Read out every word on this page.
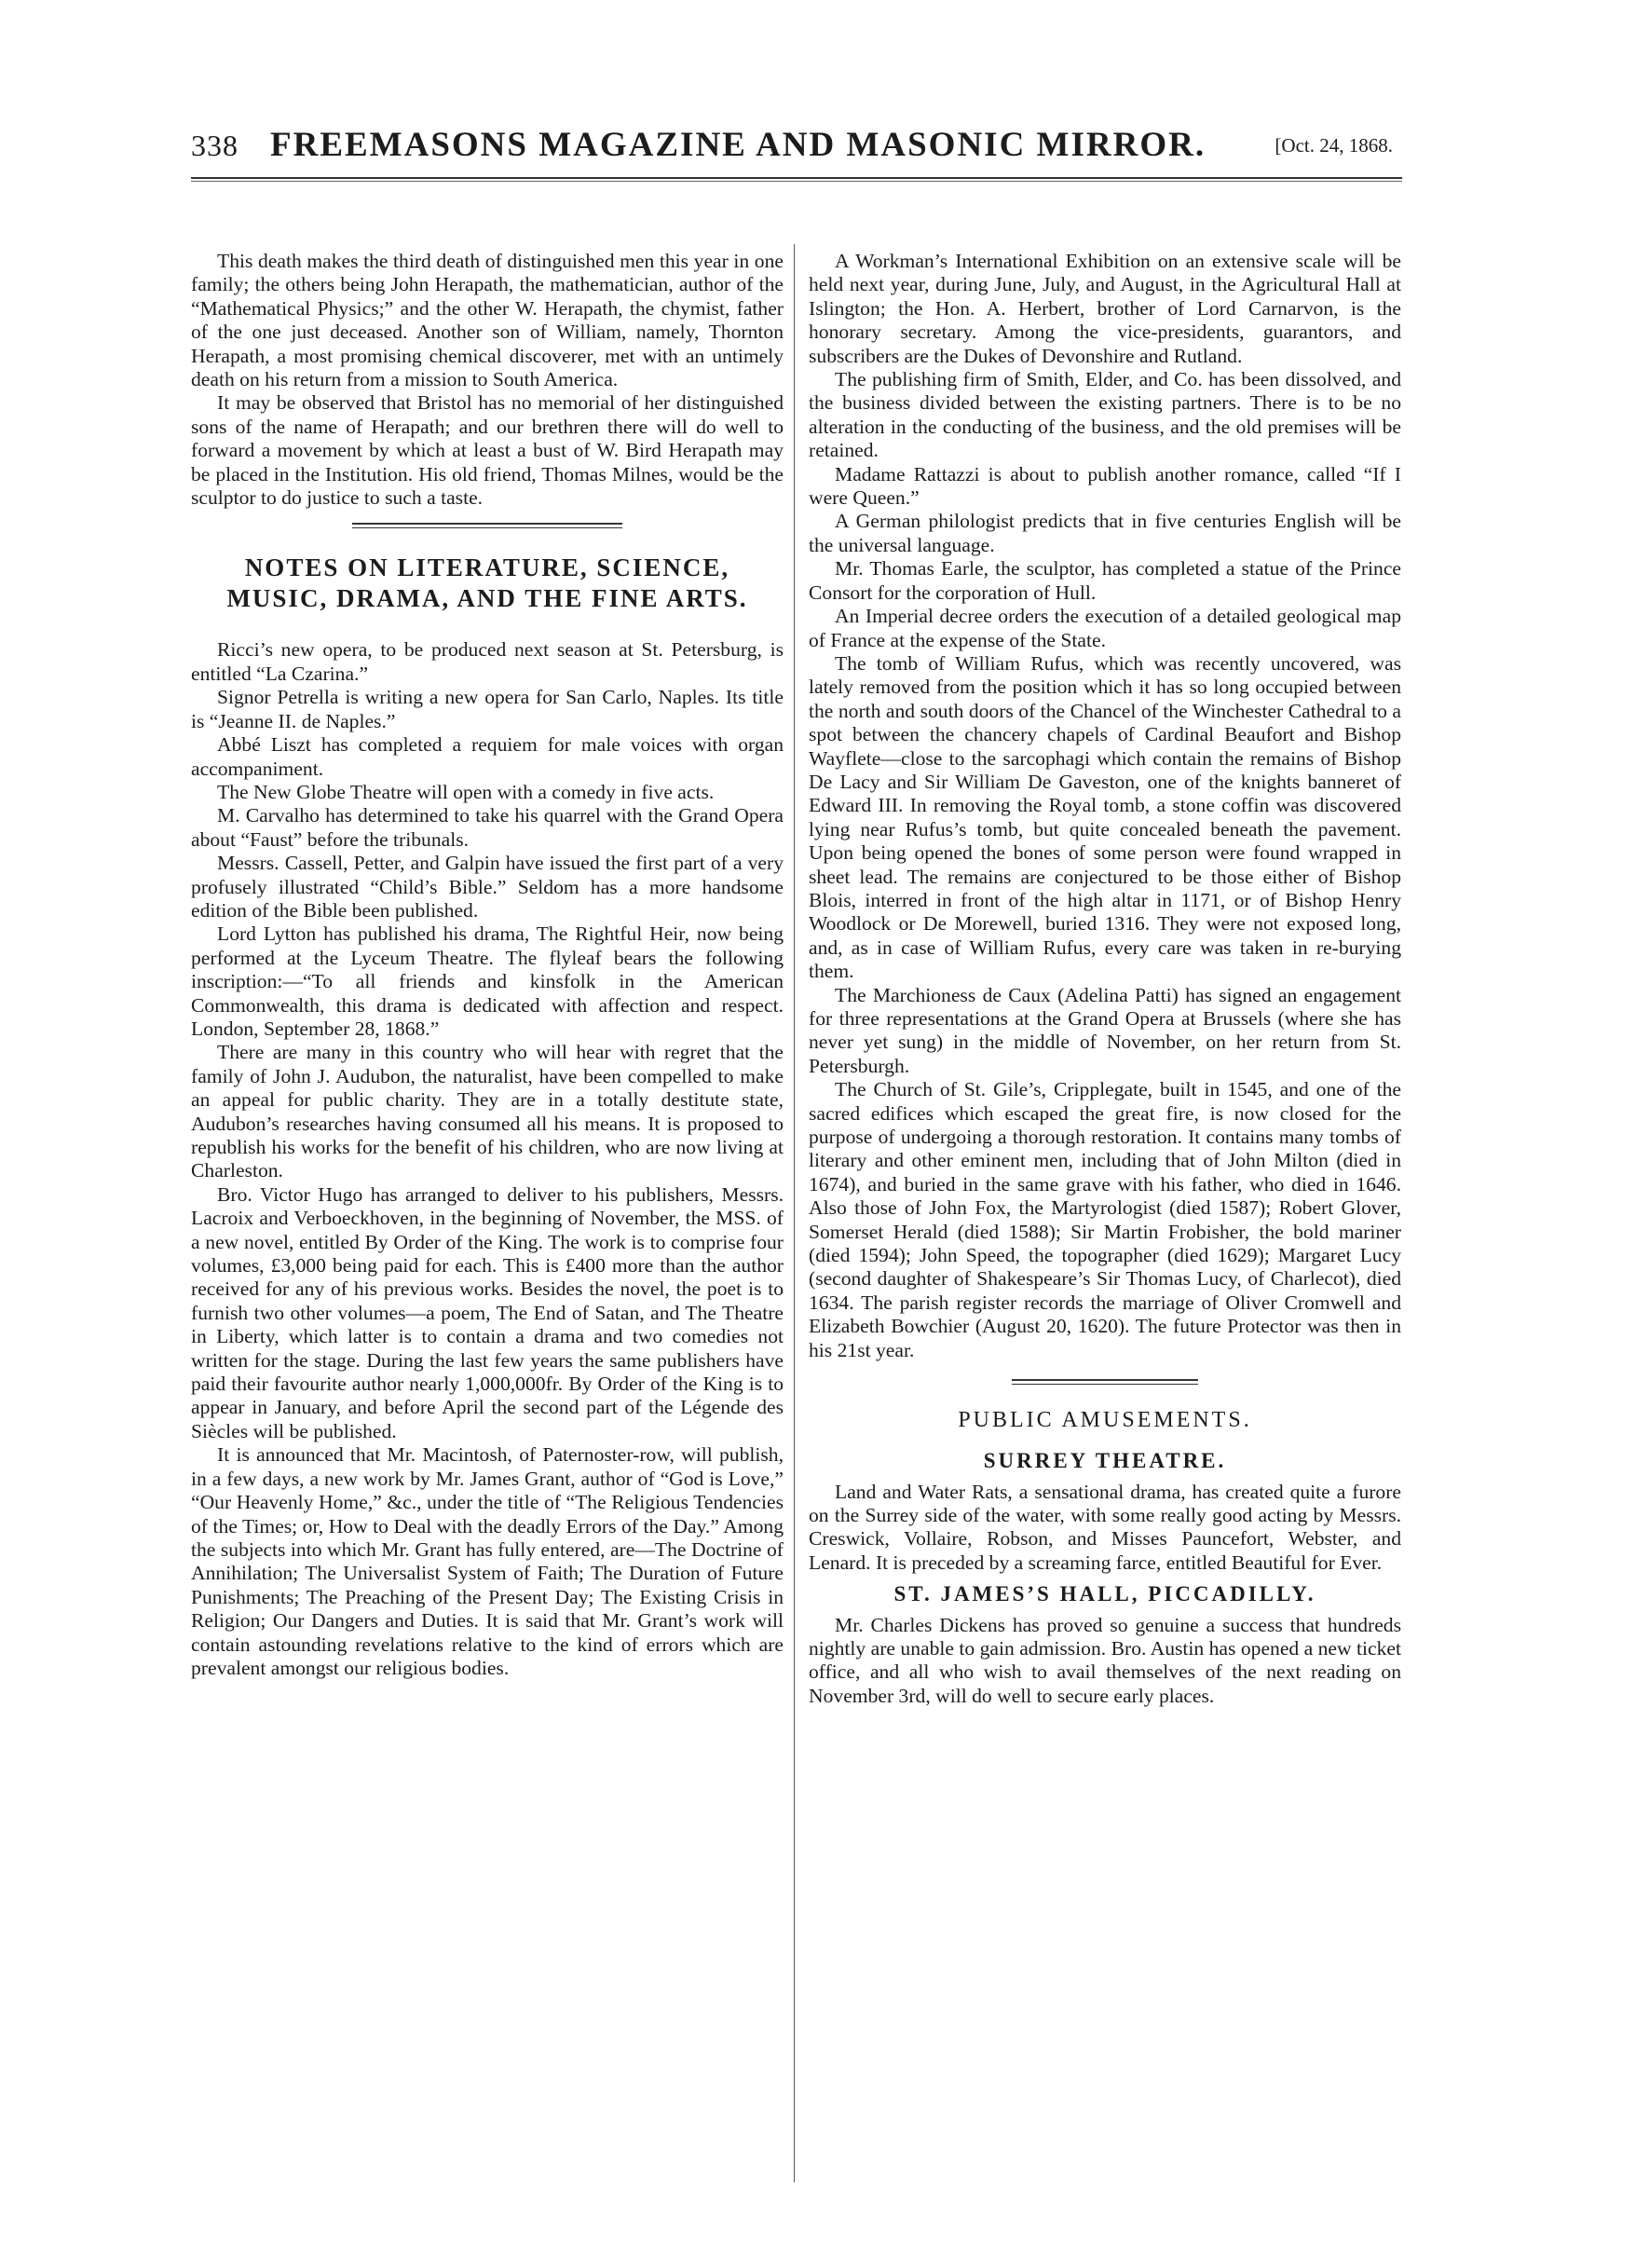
338 FREEMASONS MAGAZINE AND MASONIC MIRROR.	[Oct. 24, 1868.

This death makes the third death of distinguished men this year in one family; the others being John Herapath, the mathematician, author of the “Mathematical Physics;” and the other W. Herapath, the chymist, father of the one just deceased. Another son of William, namely, Thornton Herapath, a most promising chemical discoverer, met with an untimely death on his return from a mission to South America.

It may be observed that Bristol has no memorial of her distinguished sons of the name of Herapath; and our brethren there will do well to forward a movement by which at least a bust of W. Bird Herapath may be placed in the Institution. His old friend, Thomas Milnes, would be the sculptor to do justice to such a taste.

NOTES ON LITERATURE, SCIENCE, MUSIC, DRAMA, AND THE FINE ARTS.

Ricci’s new opera, to be produced next season at St. Petersburg, is entitled “La Czarina.”

Signor Petrella is writing a new opera for San Carlo, Naples. Its title is “Jeanne II. de Naples.”

Abbé Liszt has completed a requiem for male voices with organ accompaniment.

The New Globe Theatre will open with a comedy in five acts.

M. Carvalho has determined to take his quarrel with the Grand Opera about “Faust” before the tribunals.

Messrs. Cassell, Petter, and Galpin have issued the first part of a very profusely illustrated “Child’s Bible.” Seldom has a more handsome edition of the Bible been published.

Lord Lytton has published his drama, The Rightful Heir, now being performed at the Lyceum Theatre. The flyleaf bears the following inscription:—“To all friends and kinsfolk in the American Commonwealth, this drama is dedicated with affection and respect. London, September 28, 1868.”

There are many in this country who will hear with regret that the family of John J. Audubon, the naturalist, have been compelled to make an appeal for public charity. They are in a totally destitute state, Audubon’s researches having consumed all his means. It is proposed to republish his works for the benefit of his children, who are now living at Charleston.

Bro. Victor Hugo has arranged to deliver to his publishers, Messrs. Lacroix and Verboeckhoven, in the beginning of November, the MSS. of a new novel, entitled By Order of the King. The work is to comprise four volumes, £3,000 being paid for each. This is £400 more than the author received for any of his previous works. Besides the novel, the poet is to furnish two other volumes—a poem, The End of Satan, and The Theatre in Liberty, which latter is to contain a drama and two comedies not written for the stage. During the last few years the same publishers have paid their favourite author nearly 1,000,000fr. By Order of the King is to appear in January, and before April the second part of the Légende des Siècles will be published.

It is announced that Mr. Macintosh, of Paternoster-row, will publish, in a few days, a new work by Mr. James Grant, author of “God is Love,” “Our Heavenly Home,” &c., under the title of “The Religious Tendencies of the Times; or, How to Deal with the deadly Errors of the Day.” Among the subjects into which Mr. Grant has fully entered, are—The Doctrine of Annihilation; The Universalist System of Faith; The Duration of Future Punishments; The Preaching of the Present Day; The Existing Crisis in Religion; Our Dangers and Duties. It is said that Mr. Grant’s work will contain astounding revelations relative to the kind of errors which are prevalent amongst our religious bodies.

A Workman’s International Exhibition on an extensive scale will be held next year, during June, July, and August, in the Agricultural Hall at Islington; the Hon. A. Herbert, brother of Lord Carnarvon, is the honorary secretary. Among the vice-presidents, guarantors, and subscribers are the Dukes of Devonshire and Rutland.

The publishing firm of Smith, Elder, and Co. has been dissolved, and the business divided between the existing partners. There is to be no alteration in the conducting of the business, and the old premises will be retained.

Madame Rattazzi is about to publish another romance, called “If I were Queen.”

A German philologist predicts that in five centuries English will be the universal language.

Mr. Thomas Earle, the sculptor, has completed a statue of the Prince Consort for the corporation of Hull.

An Imperial decree orders the execution of a detailed geological map of France at the expense of the State.

The tomb of William Rufus, which was recently uncovered, was lately removed from the position which it has so long occupied between the north and south doors of the Chancel of the Winchester Cathedral to a spot between the chancery chapels of Cardinal Beaufort and Bishop Wayflete—close to the sarcophagi which contain the remains of Bishop De Lacy and Sir William De Gaveston, one of the knights banneret of Edward III. In removing the Royal tomb, a stone coffin was discovered lying near Rufus’s tomb, but quite concealed beneath the pavement. Upon being opened the bones of some person were found wrapped in sheet lead. The remains are conjectured to be those either of Bishop Blois, interred in front of the high altar in 1171, or of Bishop Henry Woodlock or De Morewell, buried 1316. They were not exposed long, and, as in case of William Rufus, every care was taken in re-burying them.

The Marchioness de Caux (Adelina Patti) has signed an engagement for three representations at the Grand Opera at Brussels (where she has never yet sung) in the middle of November, on her return from St. Petersburgh.

The Church of St. Gile’s, Cripplegate, built in 1545, and one of the sacred edifices which escaped the great fire, is now closed for the purpose of undergoing a thorough restoration. It contains many tombs of literary and other eminent men, including that of John Milton (died in 1674), and buried in the same grave with his father, who died in 1646. Also those of John Fox, the Martyrologist (died 1587); Robert Glover, Somerset Herald (died 1588); Sir Martin Frobisher, the bold mariner (died 1594); John Speed, the topographer (died 1629); Margaret Lucy (second daughter of Shakespeare’s Sir Thomas Lucy, of Charlecot), died 1634. The parish register records the marriage of Oliver Cromwell and Elizabeth Bowchier (August 20, 1620). The future Protector was then in his 21st year.

PUBLIC AMUSEMENTS.
SURREY THEATRE.

Land and Water Rats, a sensational drama, has created quite a furore on the Surrey side of the water, with some really good acting by Messrs. Creswick, Vollaire, Robson, and Misses Pauncefort, Webster, and Lenard. It is preceded by a screaming farce, entitled Beautiful for Ever.

ST. JAMES’S HALL, PICCADILLY.

Mr. Charles Dickens has proved so genuine a success that hundreds nightly are unable to gain admission. Bro. Austin has opened a new ticket office, and all who wish to avail themselves of the next reading on November 3rd, will do well to secure early places.
